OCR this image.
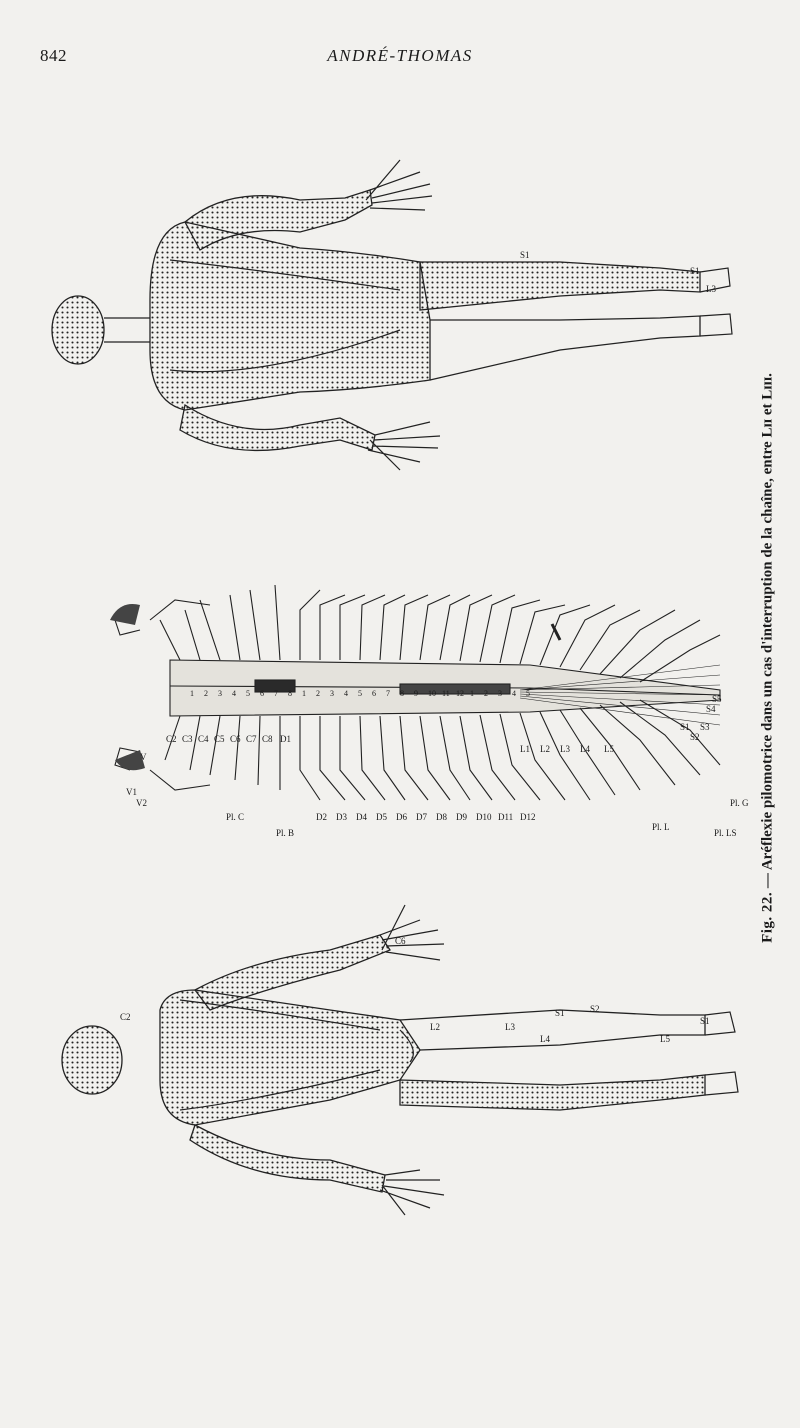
842	ANDRÉ-THOMAS
S1
S1
L3
C2
C6
L2	L3
L4	L5
S1	S2
S1
V1
V2
V
C2 C3 C4 C5 C6 C7 C8 D1
D2 D3 D4 D5 D6 D7 D8 D9 D10 D11 D12
L1 L2 L3 L4 L5
S1
S2
S3
S4
S5
Pl. C
Pl. B
Pl. L
Pl. LS
Pl. G
1 2 3 4 5 6 7 8 1 2 3 4 5 6 7 8 9 10 11 12 1 2 3 4 5
Fig. 22. — Aréflexie pilomotrice dans un cas d'interruption de la chaîne, entre Lɪɪ et Lɪɪɪ.
